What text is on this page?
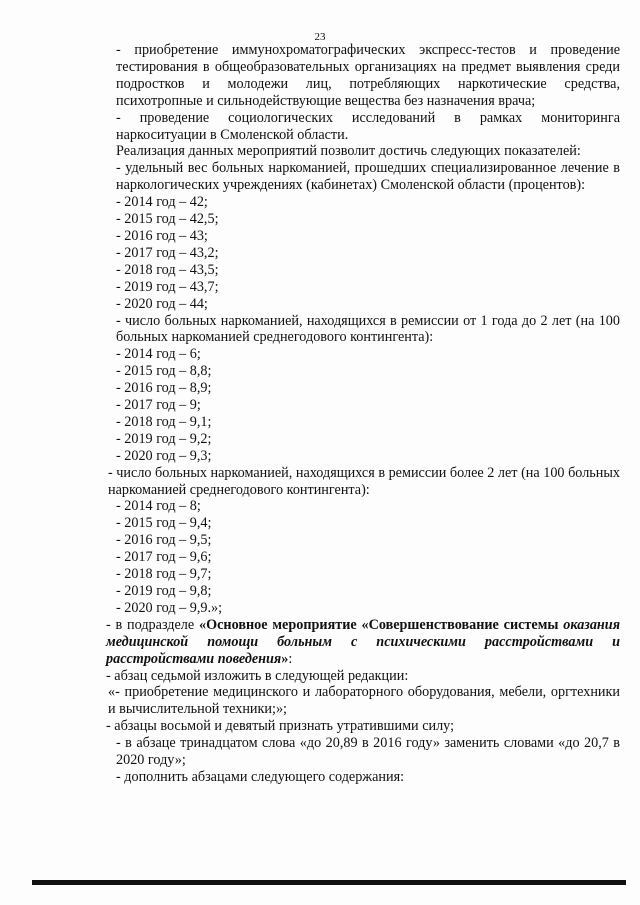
23

- приобретение иммунохроматографических экспресс-тестов и проведение тестирования в общеобразовательных организациях на предмет выявления среди подростков и молодежи лиц, потребляющих наркотические средства, психотропные и сильнодействующие вещества без назначения врача;

- проведение социологических исследований в рамках мониторинга наркоситуации в Смоленской области.

Реализация данных мероприятий позволит достичь следующих показателей:

- удельный вес больных наркоманией, прошедших специализированное лечение в наркологических учреждениях (кабинетах) Смоленской области (процентов):

- 2014 год – 42;
- 2015 год – 42,5;
- 2016 год – 43;
- 2017 год – 43,2;
- 2018 год – 43,5;
- 2019 год – 43,7;
- 2020 год – 44;

- число больных наркоманией, находящихся в ремиссии от 1 года до 2 лет (на 100 больных наркоманией среднегодового контингента):

- 2014 год – 6;
- 2015 год – 8,8;
- 2016 год – 8,9;
- 2017 год – 9;
- 2018 год – 9,1;
- 2019 год – 9,2;
- 2020 год – 9,3;

- число больных наркоманией, находящихся в ремиссии более 2 лет (на 100 больных наркоманией среднегодового контингента):

- 2014 год – 8;
- 2015 год – 9,4;
- 2016 год – 9,5;
- 2017 год – 9,6;
- 2018 год – 9,7;
- 2019 год – 9,8;
- 2020 год – 9,9.»;

- в подразделе «Основное мероприятие «Совершенствование системы оказания медицинской помощи больным с психическими расстройствами и расстройствами поведения»:

- абзац седьмой изложить в следующей редакции:

«- приобретение медицинского и лабораторного оборудования, мебели, оргтехники и вычислительной техники;»;

- абзацы восьмой и девятый признать утратившими силу;

- в абзаце тринадцатом слова «до 20,89 в 2016 году» заменить словами «до 20,7 в 2020 году»;

- дополнить абзацами следующего содержания:
